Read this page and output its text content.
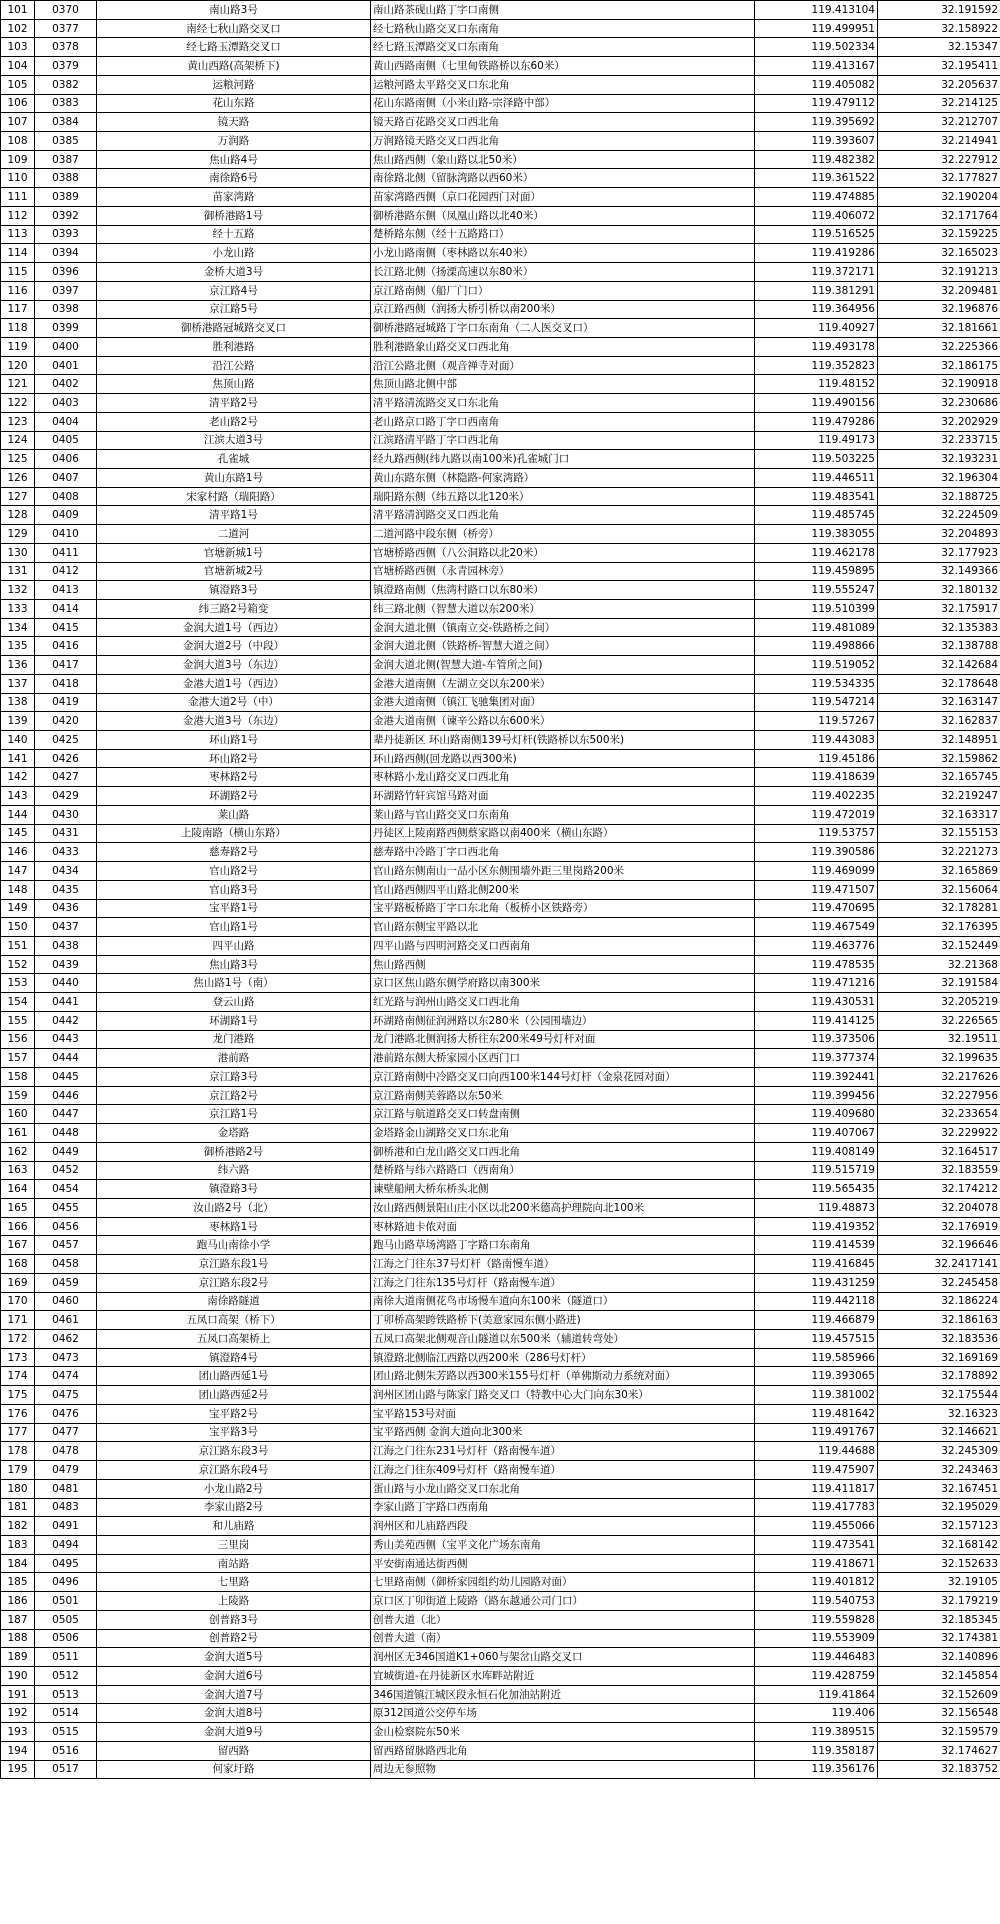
101	0370	南山路3号	南山路茶砚山路丁字口南侧	119.413104	32.191592
102	0377	南经七秋山路交叉口	经七路秋山路交叉口东南角	119.499951	32.158922
103	0378	经七路玉潭路交叉口	经七路玉潭路交叉口东南角	119.502334	32.15347
104	0379	黄山西路(高架桥下)	黄山西路南侧（七里甸铁路桥以东60米）	119.413167	32.195411
105	0382	运粮河路	运粮河路太平路交叉口东北角	119.405082	32.205637
106	0383	花山东路	花山东路南侧（小米山路-宗泽路中部）	119.479112	32.214125
107	0384	镜天路	镜天路百花路交叉口西北角	119.395692	32.212707
108	0385	万润路	万润路镜天路交叉口西北角	119.393607	32.214941
109	0387	焦山路4号	焦山路西侧（象山路以北50米）	119.482382	32.227912
110	0388	南徐路6号	南徐路北侧（留脉湾路以西60米）	119.361522	32.177827
111	0389	苗家湾路	苗家湾路西侧（京口花园西门对面）	119.474885	32.190204
112	0392	御桥港路1号	御桥港路东侧（凤凰山路以北40米）	119.406072	32.171764
113	0393	经十五路	楚桥路东侧（经十五路路口）	119.516525	32.159225
114	0394	小龙山路	小龙山路南侧（枣林路以东40米）	119.419286	32.165023
115	0396	金桥大道3号	长江路北侧（扬溧高速以东80米）	119.372171	32.191213
116	0397	京江路4号	京江路南侧（船厂门口）	119.381291	32.209481
117	0398	京江路5号	京江路西侧（润扬大桥引桥以南200米）	119.364956	32.196876
118	0399	御桥港路冠城路交叉口	御桥港路冠城路丁字口东南角（二人医交叉口）	119.40927	32.181661
119	0400	胜利港路	胜利港路象山路交叉口西北角	119.493178	32.225366
120	0401	沿江公路	沿江公路北侧（观音禅寺对面）	119.352823	32.186175
121	0402	焦顶山路	焦顶山路北侧中部	119.48152	32.190918
122	0403	清平路2号	清平路清流路交叉口东北角	119.490156	32.230686
123	0404	老山路2号	老山路京口路丁字口西南角	119.479286	32.202929
124	0405	江滨大道3号	江滨路清平路丁字口西北角	119.49173	32.233715
125	0406	孔雀城	经九路西侧(纬九路以南100米)孔雀城门口	119.503225	32.193231
126	0407	黄山东路1号	黄山东路东侧（林隐路-何家湾路）	119.446511	32.196304
127	0408	宋家村路（瑞阳路）	瑞阳路东侧（纬五路以北120米）	119.483541	32.188725
128	0409	清平路1号	清平路清润路交叉口西北角	119.485745	32.224509
129	0410	二道河	二道河路中段东侧（桥旁）	119.383055	32.204893
130	0411	官塘新城1号	官塘桥路西侧（八公洞路以北20米）	119.462178	32.177923
131	0412	官塘新城2号	官塘桥路西侧（永青园林旁）	119.459895	32.149366
132	0413	镇澄路3号	镇澄路南侧（焦湾村路口以东80米）	119.555247	32.180132
133	0414	纬三路2号箱变	纬三路北侧（智慧大道以东200米）	119.510399	32.175917
134	0415	金润大道1号（西边）	金润大道北侧（镇南立交-铁路桥之间）	119.481089	32.135383
135	0416	金润大道2号（中段）	金润大道北侧（铁路桥-智慧大道之间）	119.498866	32.138788
136	0417	金润大道3号（东边）	金润大道北侧(智慧大道-车管所之间)	119.519052	32.142684
137	0418	金港大道1号（西边）	金港大道南侧（左湖立交以东200米）	119.534335	32.178648
138	0419	金港大道2号（中）	金港大道南侧（镇江飞驰集团对面）	119.547214	32.163147
139	0420	金港大道3号（东边）	金港大道南侧（谏辛公路以东600米）	119.57267	32.162837
140	0425	环山路1号	辈丹徒新区 环山路南侧139号灯杆(铁路桥以东500米)	119.443083	32.148951
141	0426	环山路2号	环山路西侧(回龙路以西300米)	119.45186	32.159862
142	0427	枣林路2号	枣林路小龙山路交叉口西北角	119.418639	32.165745
143	0429	环湖路2号	环湖路竹轩宾馆马路对面	119.402235	32.219247
144	0430	莱山路	莱山路与官山路交叉口东南角	119.472019	32.163317
145	0431	上陵南路（横山东路）	丹徒区上陵南路西侧蔡家路以南400米（横山东路）	119.53757	32.155153
146	0433	慈寿路2号	慈寿路中冷路丁字口西北角	119.390586	32.221273
147	0434	官山路2号	官山路东侧南山一品小区东侧围墙外距三里岗路200米	119.469099	32.165869
148	0435	官山路3号	官山路西侧四平山路北侧200米	119.471507	32.156064
149	0436	宝平路1号	宝平路板桥路丁字口东北角（板桥小区铁路旁）	119.470695	32.178281
150	0437	官山路1号	官山路东侧宝平路以北	119.467549	32.176395
151	0438	四平山路	四平山路与四明河路交叉口西南角	119.463776	32.152449
152	0439	焦山路3号	焦山路西侧	119.478535	32.21368
153	0440	焦山路1号（南）	京口区焦山路东侧学府路以南300米	119.471216	32.191584
154	0441	登云山路	红光路与润州山路交叉口西北角	119.430531	32.205219
155	0442	环湖路1号	环湖路南侧征润洲路以东280米（公园围墙边）	119.414125	32.226565
156	0443	龙门港路	龙门港路北侧润扬大桥往东200米49号灯杆对面	119.373506	32.19511
157	0444	港前路	港前路东侧大桥家园小区西门口	119.377374	32.199635
158	0445	京江路3号	京江路南侧中冷路交叉口向西100米144号灯杆（金泉花园对面）	119.392441	32.217626
159	0446	京江路2号	京江路南侧芙蓉路以东50米	119.399456	32.227956
160	0447	京江路1号	京江路与航道路交叉口转盘南侧	119.409680	32.233654
161	0448	金塔路	金塔路金山湖路交叉口东北角	119.407067	32.229922
162	0449	御桥港路2号	御桥港和白龙山路交叉口西北角	119.408149	32.164517
163	0452	纬六路	楚桥路与纬六路路口（西南角）	119.515719	32.183559
164	0454	镇澄路3号	谏壁船闸大桥东桥头北侧	119.565435	32.174212
165	0455	汝山路2号（北）	汝山路西侧景阳山庄小区以北200米德高护理院向北100米	119.48873	32.204078
166	0456	枣林路1号	枣林路迪卡侬对面	119.419352	32.176919
167	0457	跑马山南徐小学	跑马山路草场湾路丁字路口东南角	119.414539	32.196646
168	0458	京江路东段1号	江海之门往东37号灯杆（路南慢车道）	119.416845	32.2417141
169	0459	京江路东段2号	江海之门往东135号灯杆（路南慢车道）	119.431259	32.245458
170	0460	南徐路隧道	南徐大道南侧花鸟市场慢车道向东100米（隧道口）	119.442118	32.186224
171	0461	五凤口高架（桥下）	丁卯桥高架跨铁路桥下(美意家园东侧小路进)	119.466879	32.186163
172	0462	五凤口高架桥上	五凤口高架北侧观音山隧道以东500米（辅道转弯处）	119.457515	32.183536
173	0473	镇澄路4号	镇澄路北侧临江西路以西200米（286号灯杆）	119.585966	32.169169
174	0474	团山路西延1号	团山路北侧朱芳路以西300米155号灯杆（单佛斯动力系统对面）	119.393065	32.178892
175	0475	团山路西延2号	润州区团山路与陈家门路交叉口（特教中心大门向东30米）	119.381002	32.175544
176	0476	宝平路2号	宝平路153号对面	119.481642	32.16323
177	0477	宝平路3号	宝平路西侧 金润大道向北300米	119.491767	32.146621
178	0478	京江路东段3号	江海之门往东231号灯杆（路南慢车道）	119.44688	32.245309
179	0479	京江路东段4号	江海之门往东409号灯杆（路南慢车道）	119.475907	32.243463
180	0481	小龙山路2号	蛋山路与小龙山路交叉口东北角	119.411817	32.167451
181	0483	李家山路2号	李家山路丁字路口西南角	119.417783	32.195029
182	0491	和儿庙路	润州区和儿庙路西段	119.455066	32.157123
183	0494	三里岗	秀山美苑西侧（宝平文化广场东南角	119.473541	32.168142
184	0495	南站路	平安街南通达街西侧	119.418671	32.152633
185	0496	七里路	七里路南侧（御桥家园组约幼儿园路对面）	119.401812	32.19105
186	0501	上陵路	京口区丁卯街道上陵路（路东越通公司门口）	119.540753	32.179219
187	0505	创普路3号	创普大道（北）	119.559828	32.185345
188	0506	创普路2号	创普大道（南）	119.553909	32.174381
189	0511	金润大道5号	润州区无346国道K1+060与架岔山路交叉口	119.446483	32.140896
190	0512	金润大道6号	宜城街道-在丹徒新区水库畔站附近	119.428759	32.145854
191	0513	金润大道7号	346国道镇江城区段永恒石化加油站附近	119.41864	32.152609
192	0514	金润大道8号	原312国道公交停车场	119.406	32.156548
193	0515	金润大道9号	金山检察院东50米	119.389515	32.159579
194	0516	留西路	留西路留脉路西北角	119.358187	32.174627
195	0517	何家圩路	周边无参照物	119.356176	32.183752
